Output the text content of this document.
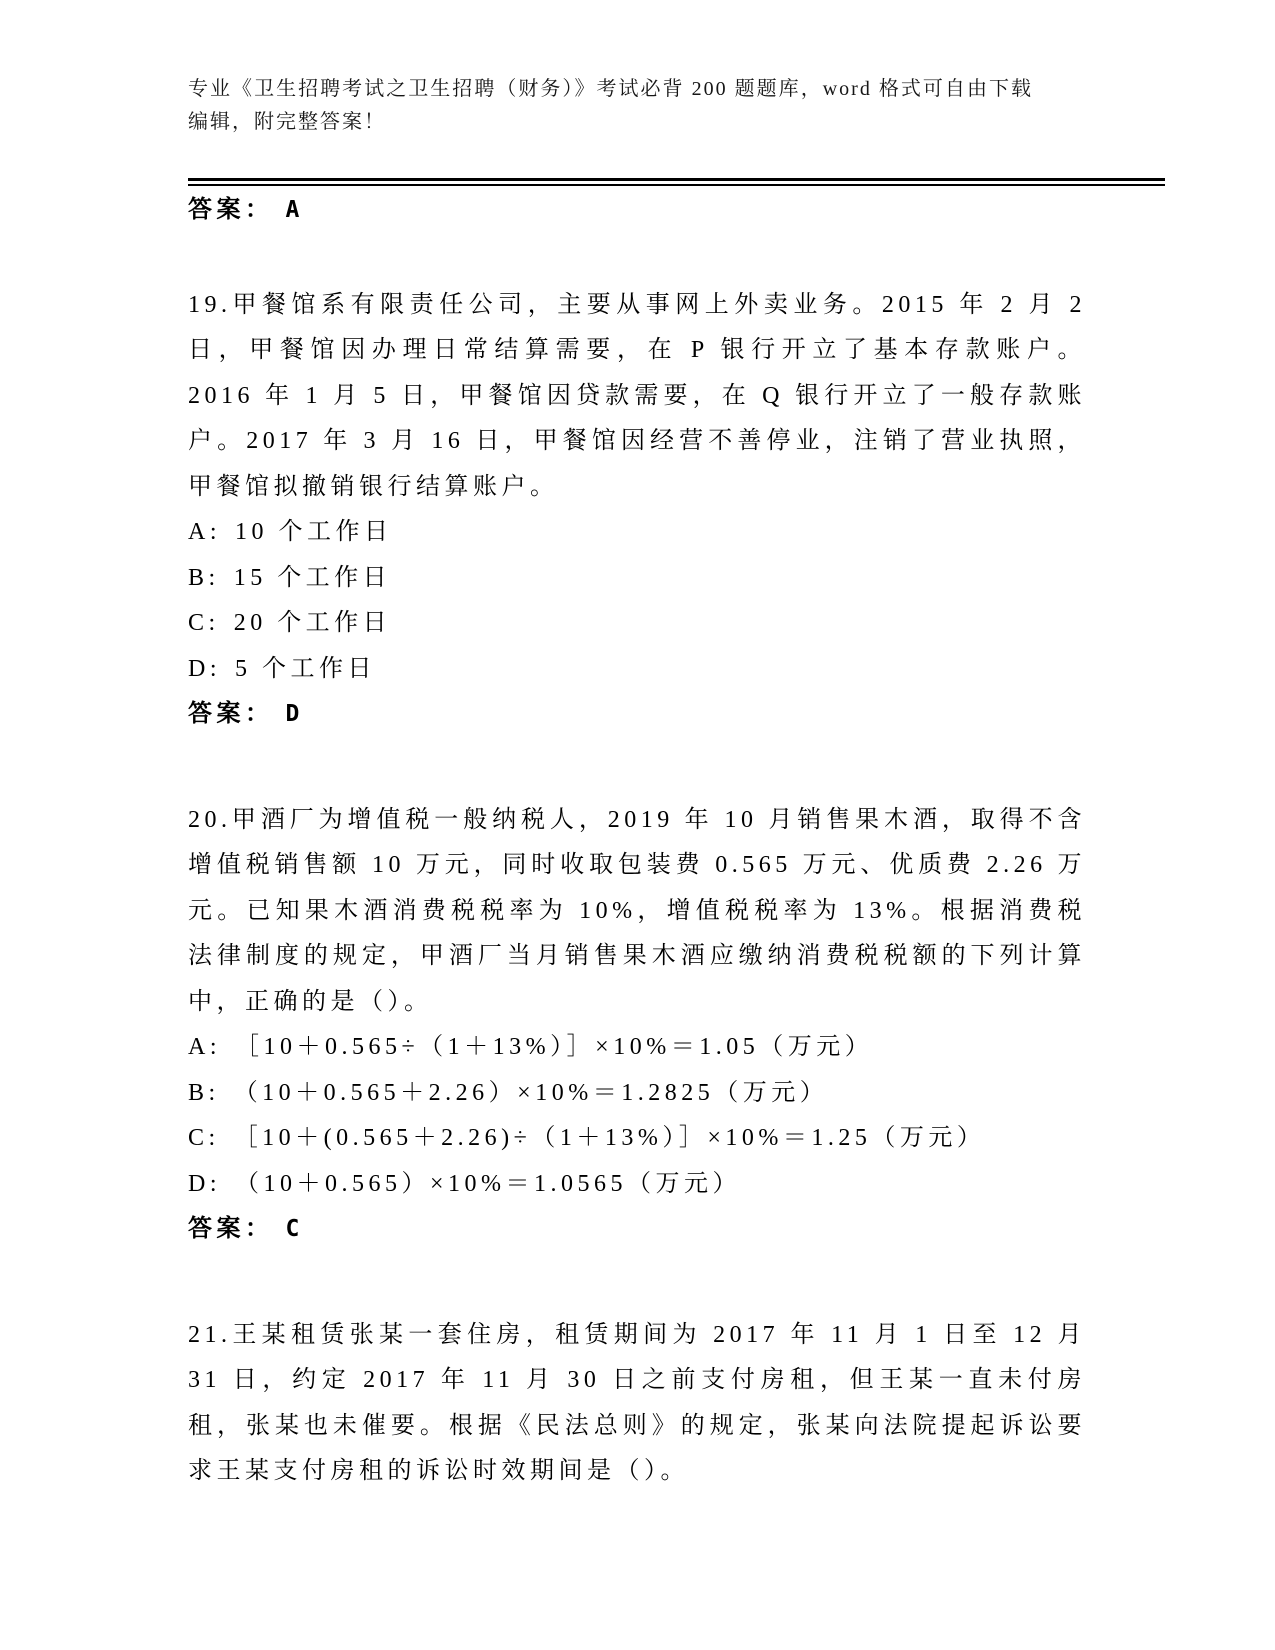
专业《卫生招聘考试之卫生招聘（财务）》考试必背 200 题题库，word 格式可自由下载编辑，附完整答案！

答案： A

19.甲餐馆系有限责任公司，主要从事网上外卖业务。2015 年 2 月 2 日，甲餐馆因办理日常结算需要，在 P 银行开立了基本存款账户。2016 年 1 月 5 日，甲餐馆因贷款需要，在 Q 银行开立了一般存款账户。2017 年 3 月 16 日，甲餐馆因经营不善停业，注销了营业执照，甲餐馆拟撤销银行结算账户。

A: 10 个工作日

B: 15 个工作日

C: 20 个工作日

D: 5 个工作日

答案： D

20.甲酒厂为增值税一般纳税人，2019 年 10 月销售果木酒，取得不含增值税销售额 10 万元，同时收取包装费 0.565 万元、优质费 2.26 万元。已知果木酒消费税税率为 10%，增值税税率为 13%。根据消费税法律制度的规定，甲酒厂当月销售果木酒应缴纳消费税税额的下列计算中，正确的是（）。

A: ［10＋0.565÷（1＋13%）］×10%＝1.05（万元）

B: （10＋0.565＋2.26）×10%＝1.2825（万元）

C: ［10＋(0.565＋2.26)÷（1＋13%）］×10%＝1.25（万元）

D: （10＋0.565）×10%＝1.0565（万元）

答案： C

21.王某租赁张某一套住房，租赁期间为 2017 年 11 月 1 日至 12 月 31 日，约定 2017 年 11 月 30 日之前支付房租，但王某一直未付房租，张某也未催要。根据《民法总则》的规定，张某向法院提起诉讼要求王某支付房租的诉讼时效期间是（）。
